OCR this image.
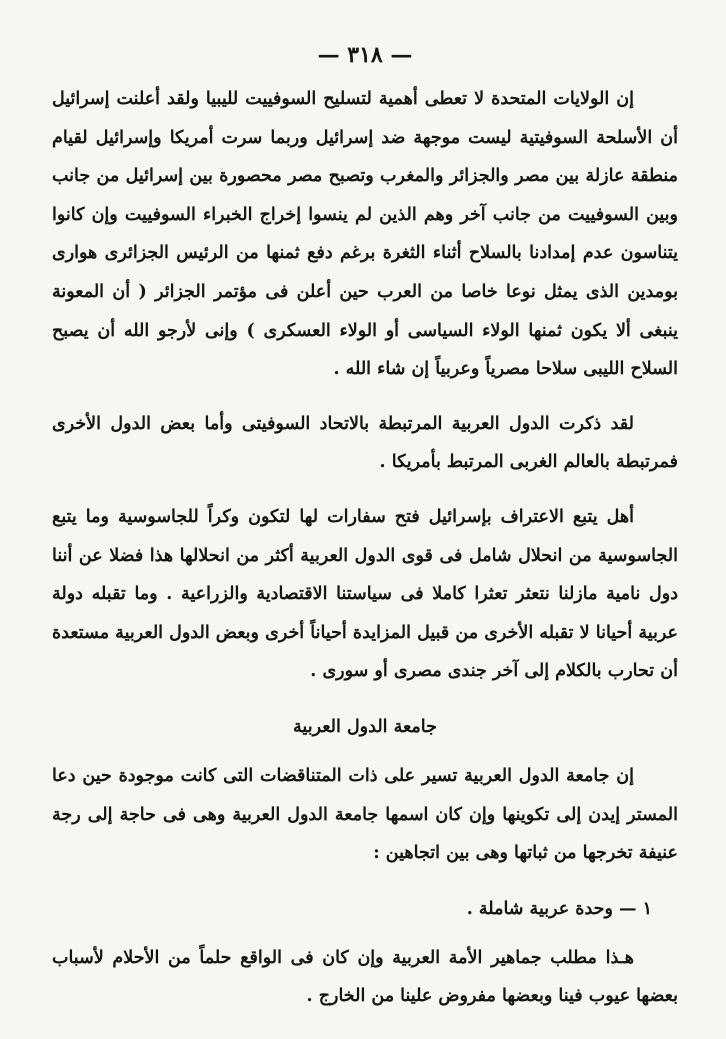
— ٣١٨ —

إن الولايات المتحدة لا تعطى أهمية لتسليح السوفييت لليبيا ولقد أعلنت إسرائيل أن الأسلحة السوفيتية ليست موجهة ضد إسرائيل وربما سرت أمريكا وإسرائيل لقيام منطقة عازلة بين مصر والجزائر والمغرب وتصبح مصر محصورة بين إسرائيل من جانب وبين السوفييت من جانب آخر وهم الذين لم ينسوا إخراج الخبراء السوفييت وإن كانوا يتناسون عدم إمدادنا بالسلاح أثناء الثغرة برغم دفع ثمنها من الرئيس الجزائرى هوارى بومدين الذى يمثل نوعا خاصا من العرب حين أعلن فى مؤتمر الجزائر ( أن المعونة ينبغى ألا يكون ثمنها الولاء السياسى أو الولاء العسكرى ) وإنى لأرجو الله أن يصبح السلاح الليبى سلاحا مصرياً وعربياً إن شاء الله .

لقد ذكرت الدول العربية المرتبطة بالاتحاد السوفيتى وأما بعض الدول الأخرى فمرتبطة بالعالم الغربى المرتبط بأمريكا .

أهل يتبع الاعتراف بإسرائيل فتح سفارات لها لتكون وكراً للجاسوسية وما يتبع الجاسوسية من انحلال شامل فى قوى الدول العربية أكثر من انحلالها هذا فضلا عن أننا دول نامية مازلنا نتعثر تعثرا كاملا فى سياستنا الاقتصادية والزراعية . وما تقبله دولة عربية أحيانا لا تقبله الأخرى من قبيل المزايدة أحياناً أخرى وبعض الدول العربية مستعدة أن تحارب بالكلام إلى آخر جندى مصرى أو سورى .

جامعة الدول العربية

إن جامعة الدول العربية تسير على ذات المتناقضات التى كانت موجودة حين دعا المستر إيدن إلى تكوينها وإن كان اسمها جامعة الدول العربية وهى فى حاجة إلى رجة عنيفة تخرجها من ثباتها وهى بين اتجاهين :

١ — وحدة عربية شاملة .

هـذا مطلب جماهير الأمة العربية وإن كان فى الواقع حلماً من الأحلام لأسباب بعضها عيوب فينا وبعضها مفروض علينا من الخارج .
